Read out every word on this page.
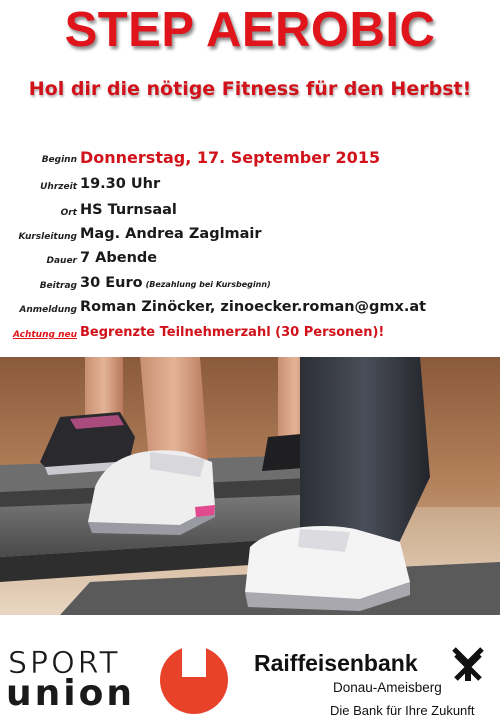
STEP AEROBIC
Hol dir die nötige Fitness für den Herbst!
Beginn Donnerstag, 17. September 2015
Uhrzeit 19.30 Uhr
Ort HS Turnsaal
Kursleitung Mag. Andrea Zaglmair
Dauer 7 Abende
Beitrag 30 Euro (Bezahlung bei Kursbeginn)
Anmeldung Roman Zinöcker, zinoecker.roman@gmx.at
Achtung neu Begrenzte Teilnehmerzahl (30 Personen)!
SPORT
union
Raiffeisenbank
Donau-Ameisberg
Die Bank für Ihre Zukunft
